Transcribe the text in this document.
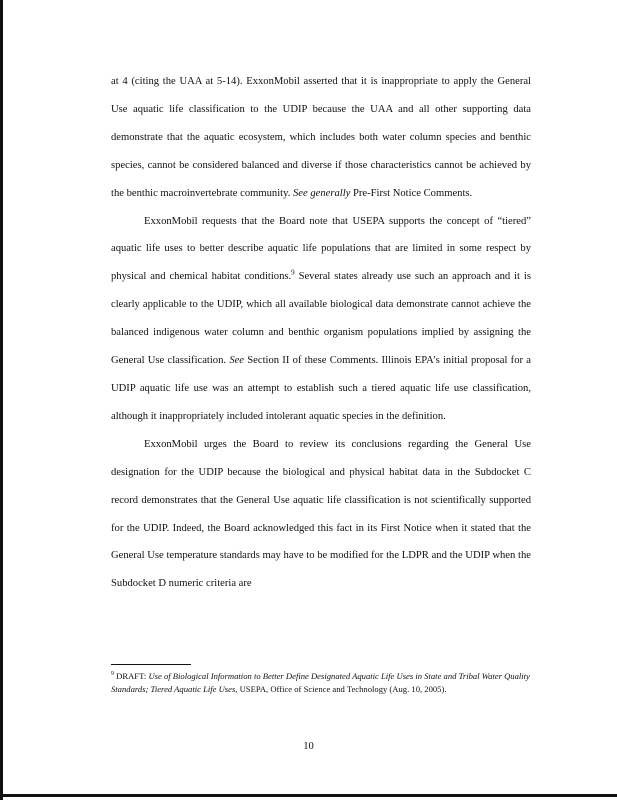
at 4 (citing the UAA at 5-14). ExxonMobil asserted that it is inappropriate to apply the General Use aquatic life classification to the UDIP because the UAA and all other supporting data demonstrate that the aquatic ecosystem, which includes both water column species and benthic species, cannot be considered balanced and diverse if those characteristics cannot be achieved by the benthic macroinvertebrate community. See generally Pre-First Notice Comments.

ExxonMobil requests that the Board note that USEPA supports the concept of “tiered” aquatic life uses to better describe aquatic life populations that are limited in some respect by physical and chemical habitat conditions.$^9$ Several states already use such an approach and it is clearly applicable to the UDIP, which all available biological data demonstrate cannot achieve the balanced indigenous water column and benthic organism populations implied by assigning the General Use classification. See Section II of these Comments. Illinois EPA’s initial proposal for a UDIP aquatic life use was an attempt to establish such a tiered aquatic life use classification, although it inappropriately included intolerant aquatic species in the definition.

ExxonMobil urges the Board to review its conclusions regarding the General Use designation for the UDIP because the biological and physical habitat data in the Subdocket C record demonstrates that the General Use aquatic life classification is not scientifically supported for the UDIP. Indeed, the Board acknowledged this fact in its First Notice when it stated that the General Use temperature standards may have to be modified for the LDPR and the UDIP when the Subdocket D numeric criteria are

$^9$ DRAFT: Use of Biological Information to Better Define Designated Aquatic Life Uses in State and Tribal Water Quality Standards; Tiered Aquatic Life Uses, USEPA, Office of Science and Technology (Aug. 10, 2005).

10
